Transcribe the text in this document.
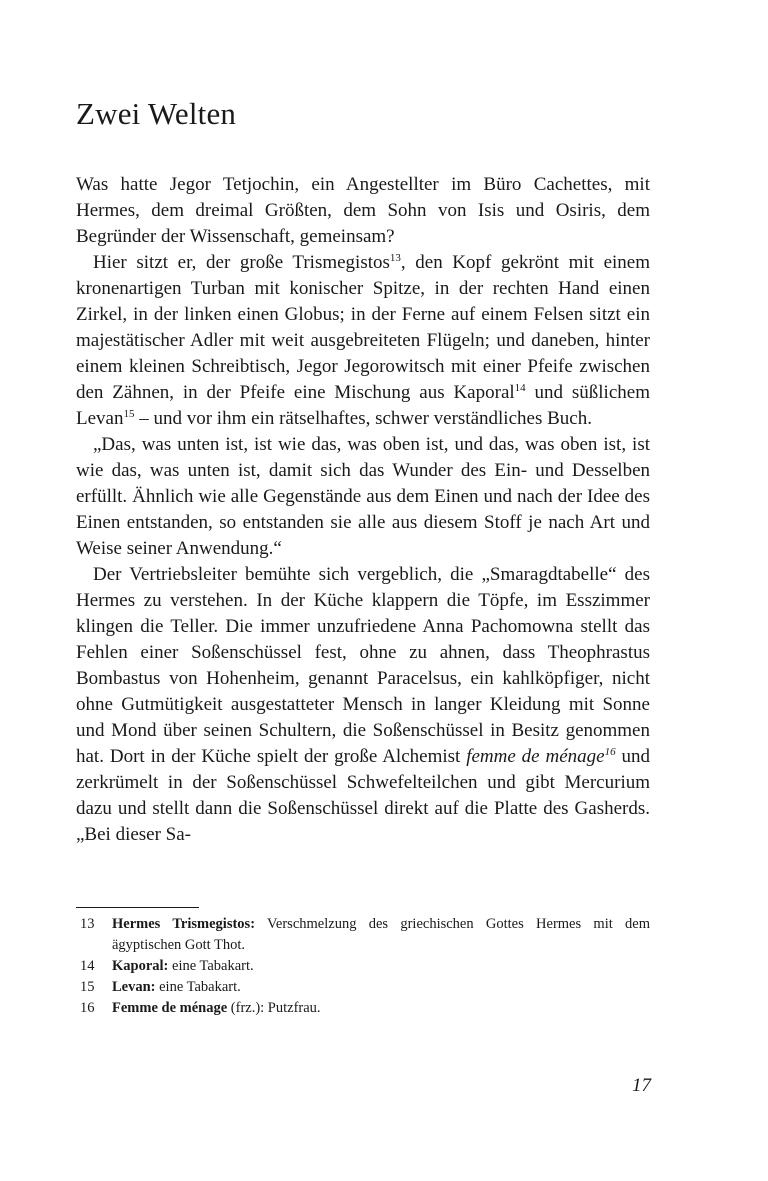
Zwei Welten

Was hatte Jegor Tetjochin, ein Angestellter im Büro Cachettes, mit Hermes, dem dreimal Größten, dem Sohn von Isis und Osiris, dem Begründer der Wissenschaft, gemeinsam?

Hier sitzt er, der große Trismegistos$^{13}$, den Kopf gekrönt mit einem kronenartigen Turban mit konischer Spitze, in der rechten Hand einen Zirkel, in der linken einen Globus; in der Ferne auf einem Felsen sitzt ein majestätischer Adler mit weit ausgebreiteten Flügeln; und daneben, hinter einem kleinen Schreibtisch, Jegor Jegorowitsch mit einer Pfeife zwischen den Zähnen, in der Pfeife eine Mischung aus Kaporal$^{14}$ und süßlichem Levan$^{15}$ – und vor ihm ein rätselhaftes, schwer verständliches Buch.

„Das, was unten ist, ist wie das, was oben ist, und das, was oben ist, ist wie das, was unten ist, damit sich das Wunder des Ein- und Desselben erfüllt. Ähnlich wie alle Gegenstände aus dem Einen und nach der Idee des Einen entstanden, so entstanden sie alle aus diesem Stoff je nach Art und Weise seiner Anwendung.“

Der Vertriebsleiter bemühte sich vergeblich, die „Smaragdtabelle“ des Hermes zu verstehen. In der Küche klappern die Töpfe, im Esszimmer klingen die Teller. Die immer unzufriedene Anna Pachomowna stellt das Fehlen einer Soßenschüssel fest, ohne zu ahnen, dass Theophrastus Bombastus von Hohenheim, genannt Paracelsus, ein kahlköpfiger, nicht ohne Gutmütigkeit ausgestatteter Mensch in langer Kleidung mit Sonne und Mond über seinen Schultern, die Soßenschüssel in Besitz genommen hat. Dort in der Küche spielt der große Alchemist femme de ménage$^{16}$ und zerkrümelt in der Soßenschüssel Schwefelteilchen und gibt Mercurium dazu und stellt dann die Soßenschüssel direkt auf die Platte des Gasherds. „Bei dieser Sa-

13	Hermes Trismegistos: Verschmelzung des griechischen Gottes Hermes mit dem ägyptischen Gott Thot.
14	Kaporal: eine Tabakart.
15	Levan: eine Tabakart.
16	Femme de ménage (frz.): Putzfrau.
17
